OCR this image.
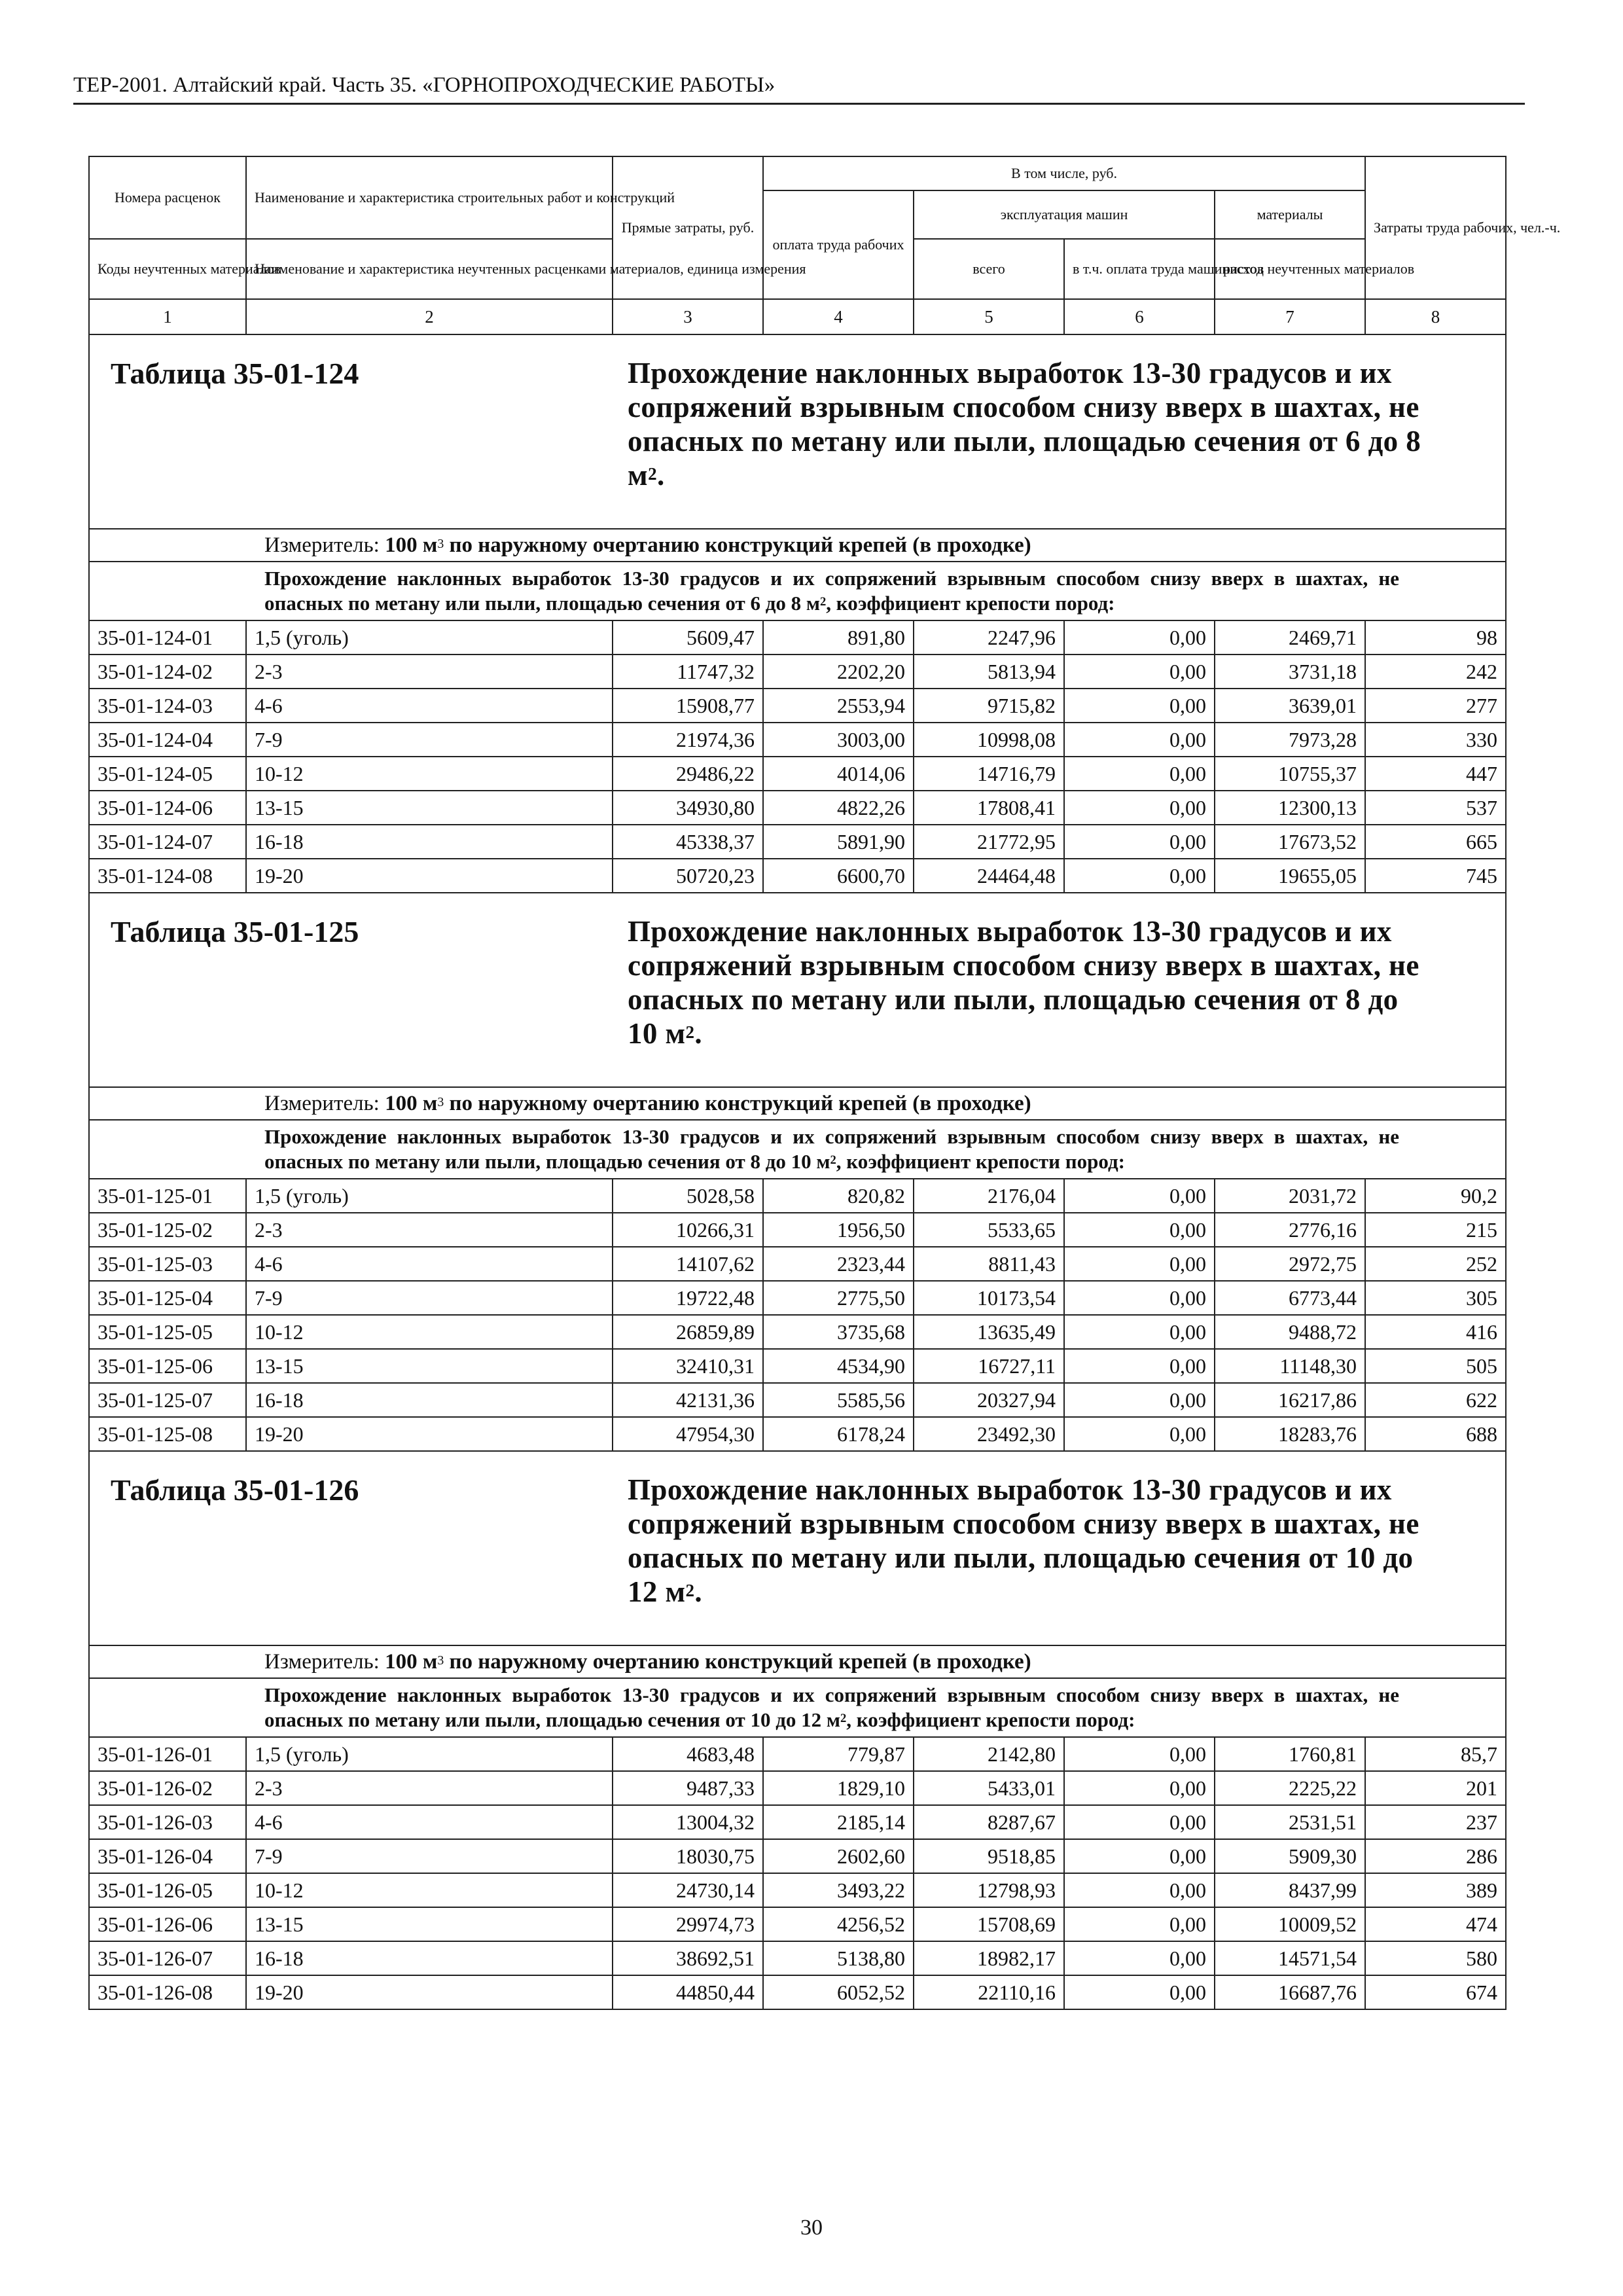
ТЕР-2001. Алтайский край. Часть 35. «ГОРНОПРОХОДЧЕСКИЕ РАБОТЫ»
Номера расценок	Наименование и характеристика строительных работ и конструкций	Прямые затраты, руб.	В том числе, руб.				Затраты труда рабочих, чел.-ч.
			оплата труда рабочих	эксплуатация машин		материалы	
Коды неучтенных материалов	Наименование и характеристика неучтенных расценками материалов, единица измерения			всего	в т.ч. оплата труда машинистов	расход неучтенных материалов	

1	2	3	4	5	6	7	8

Таблица 35-01-124 Прохождение наклонных выработок 13-30 градусов и их сопряжений взрывным способом снизу вверх в шахтах, не опасных по метану или пыли, площадью сечения от 6 до 8 $м^2$.							

Измеритель: 100 $м^3$ по наружному очертанию конструкций крепей (в проходке)							

Прохождение наклонных выработок 13-30 градусов и их сопряжений взрывным способом снизу вверх в шахтах, не опасных по метану или пыли, площадью сечения от 6 до 8 $м^2$, коэффициент крепости пород:							

35-01-124-01	1,5 (уголь)	5609,47	891,80	2247,96	0,00	2469,71	98
35-01-124-02	2-3	11747,32	2202,20	5813,94	0,00	3731,18	242
35-01-124-03	4-6	15908,77	2553,94	9715,82	0,00	3639,01	277
35-01-124-04	7-9	21974,36	3003,00	10998,08	0,00	7973,28	330
35-01-124-05	10-12	29486,22	4014,06	14716,79	0,00	10755,37	447
35-01-124-06	13-15	34930,80	4822,26	17808,41	0,00	12300,13	537
35-01-124-07	16-18	45338,37	5891,90	21772,95	0,00	17673,52	665
35-01-124-08	19-20	50720,23	6600,70	24464,48	0,00	19655,05	745

Таблица 35-01-125 Прохождение наклонных выработок 13-30 градусов и их сопряжений взрывным способом снизу вверх в шахтах, не опасных по метану или пыли, площадью сечения от 8 до 10 $м^2$.							

Измеритель: 100 $м^3$ по наружному очертанию конструкций крепей (в проходке)							

Прохождение наклонных выработок 13-30 градусов и их сопряжений взрывным способом снизу вверх в шахтах, не опасных по метану или пыли, площадью сечения от 8 до 10 $м^2$, коэффициент крепости пород:							

35-01-125-01	1,5 (уголь)	5028,58	820,82	2176,04	0,00	2031,72	90,2
35-01-125-02	2-3	10266,31	1956,50	5533,65	0,00	2776,16	215
35-01-125-03	4-6	14107,62	2323,44	8811,43	0,00	2972,75	252
35-01-125-04	7-9	19722,48	2775,50	10173,54	0,00	6773,44	305
35-01-125-05	10-12	26859,89	3735,68	13635,49	0,00	9488,72	416
35-01-125-06	13-15	32410,31	4534,90	16727,11	0,00	11148,30	505
35-01-125-07	16-18	42131,36	5585,56	20327,94	0,00	16217,86	622
35-01-125-08	19-20	47954,30	6178,24	23492,30	0,00	18283,76	688

Таблица 35-01-126 Прохождение наклонных выработок 13-30 градусов и их сопряжений взрывным способом снизу вверх в шахтах, не опасных по метану или пыли, площадью сечения от 10 до 12 $м^2$.							

Измеритель: 100 $м^3$ по наружному очертанию конструкций крепей (в проходке)							

Прохождение наклонных выработок 13-30 градусов и их сопряжений взрывным способом снизу вверх в шахтах, не опасных по метану или пыли, площадью сечения от 10 до 12 $м^2$, коэффициент крепости пород:							

35-01-126-01	1,5 (уголь)	4683,48	779,87	2142,80	0,00	1760,81	85,7
35-01-126-02	2-3	9487,33	1829,10	5433,01	0,00	2225,22	201
35-01-126-03	4-6	13004,32	2185,14	8287,67	0,00	2531,51	237
35-01-126-04	7-9	18030,75	2602,60	9518,85	0,00	5909,30	286
35-01-126-05	10-12	24730,14	3493,22	12798,93	0,00	8437,99	389
35-01-126-06	13-15	29974,73	4256,52	15708,69	0,00	10009,52	474
35-01-126-07	16-18	38692,51	5138,80	18982,17	0,00	14571,54	580
35-01-126-08	19-20	44850,44	6052,52	22110,16	0,00	16687,76	674
30
